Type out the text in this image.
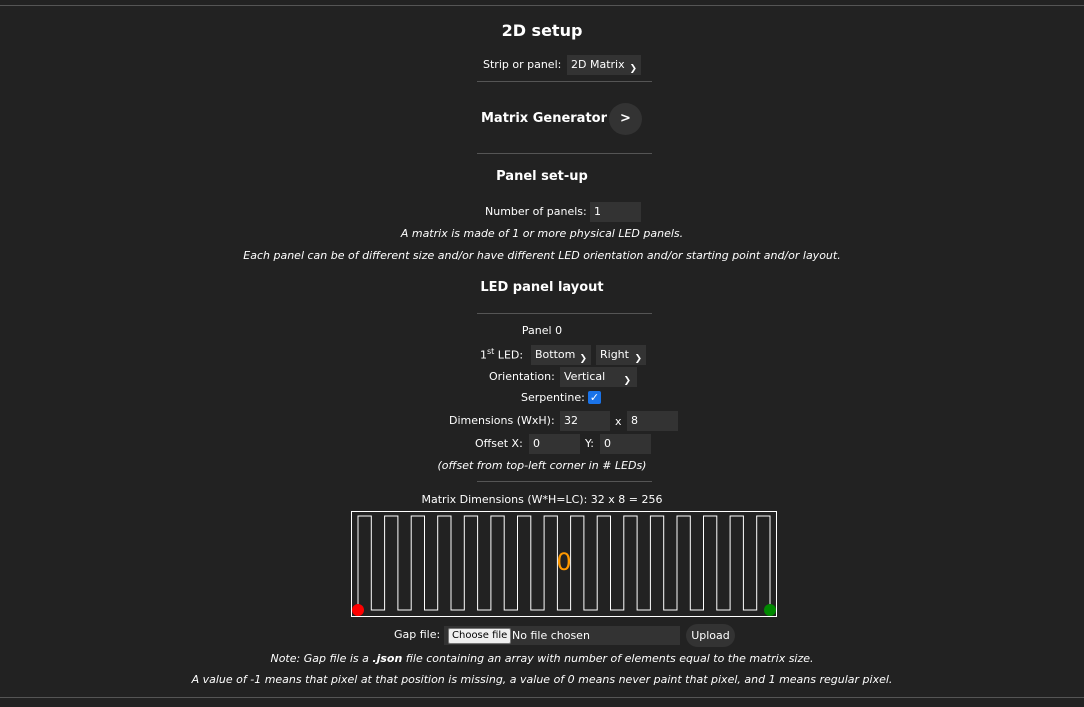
2D setup
Strip or panel: 2D Matrix ❯
Matrix Generator	>
Panel set-up
Number of panels: 1
A matrix is made of 1 or more physical LED panels.
Each panel can be of different size and/or have different LED orientation and/or starting point and/or layout.
LED panel layout
Panel 0
1st LED:	Bottom ❯	Right ❯
Orientation: Vertical ❯
Serpentine: ✓
Dimensions (WxH): 32	x 8
Offset X: 0	Y: 0
(offset from top-left corner in # LEDs)
Matrix Dimensions (W*H=LC): 32 x 8 = 256
0
Gap file:	Choose file No file chosen	Upload
Note: Gap file is a .json file containing an array with number of elements equal to the matrix size.
A value of -1 means that pixel at that position is missing, a value of 0 means never paint that pixel, and 1 means regular pixel.
